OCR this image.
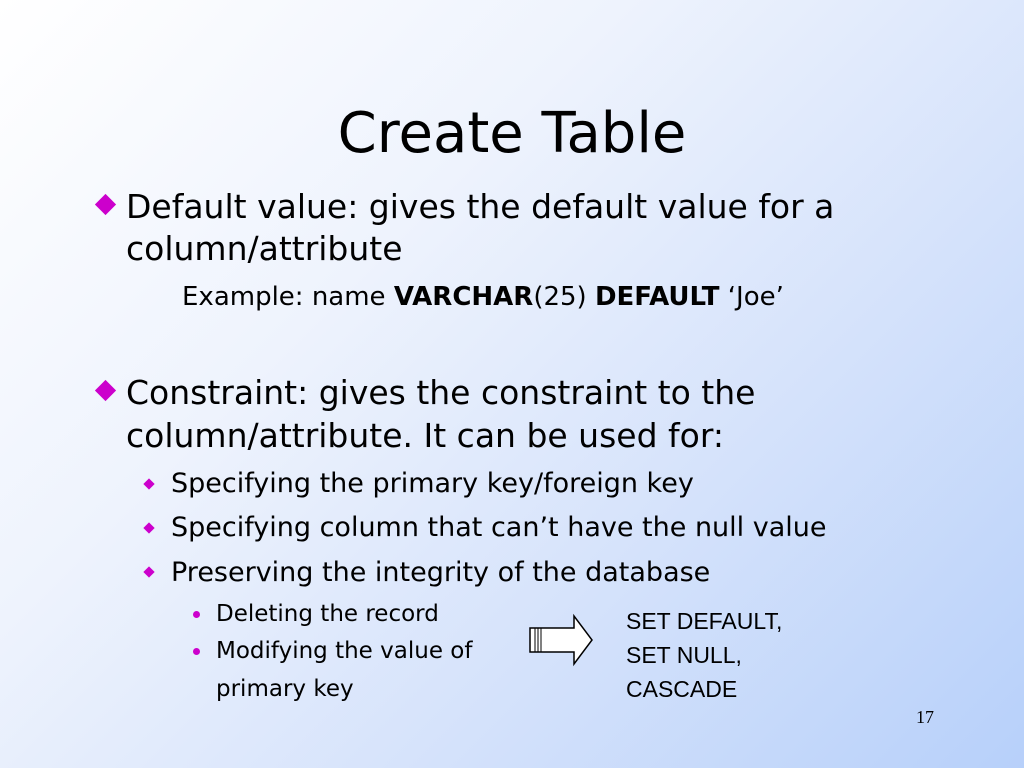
Create Table
Default value: gives the default value for a
column/attribute
Example: name VARCHAR(25) DEFAULT ‘Joe’
Constraint: gives the constraint to the
column/attribute. It can be used for:
Specifying the primary key/foreign key
Specifying column that can’t have the null value
Preserving the integrity of the database
Deleting the record
Modifying the value of
primary key
SET DEFAULT,
SET NULL,
CASCADE
17
